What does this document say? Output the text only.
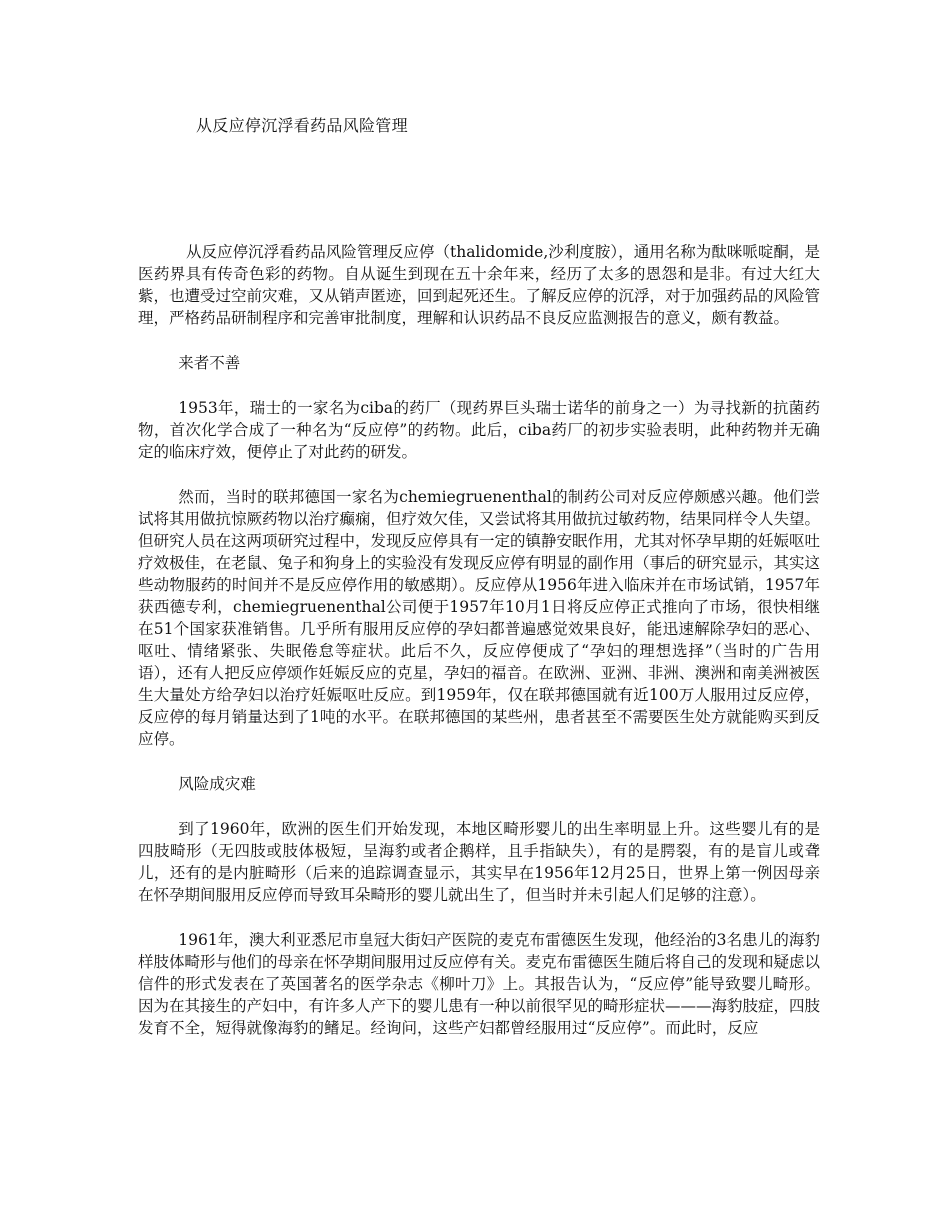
从反应停沉浮看药品风险管理

从反应停沉浮看药品风险管理反应停（thalidomide,沙利度胺），通用名称为酞咪哌啶酮，是医药界具有传奇色彩的药物。自从诞生到现在五十余年来，经历了太多的恩怨和是非。有过大红大紫，也遭受过空前灾难，又从销声匿迹，回到起死还生。了解反应停的沉浮，对于加强药品的风险管理，严格药品研制程序和完善审批制度，理解和认识药品不良反应监测报告的意义，颇有教益。

来者不善

1953年，瑞士的一家名为ciba的药厂（现药界巨头瑞士诺华的前身之一）为寻找新的抗菌药物，首次化学合成了一种名为“反应停”的药物。此后，ciba药厂的初步实验表明，此种药物并无确定的临床疗效，便停止了对此药的研发。

然而，当时的联邦德国一家名为chemiegruenenthal的制药公司对反应停颇感兴趣。他们尝试将其用做抗惊厥药物以治疗癫痫，但疗效欠佳，又尝试将其用做抗过敏药物，结果同样令人失望。但研究人员在这两项研究过程中，发现反应停具有一定的镇静安眠作用，尤其对怀孕早期的妊娠呕吐疗效极佳，在老鼠、兔子和狗身上的实验没有发现反应停有明显的副作用（事后的研究显示，其实这些动物服药的时间并不是反应停作用的敏感期）。反应停从1956年进入临床并在市场试销，1957年获西德专利，chemiegruenenthal公司便于1957年10月1日将反应停正式推向了市场，很快相继在51个国家获准销售。几乎所有服用反应停的孕妇都普遍感觉效果良好，能迅速解除孕妇的恶心、呕吐、情绪紧张、失眠倦怠等症状。此后不久，反应停便成了“孕妇的理想选择”（当时的广告用语），还有人把反应停颂作妊娠反应的克星，孕妇的福音。在欧洲、亚洲、非洲、澳洲和南美洲被医生大量处方给孕妇以治疗妊娠呕吐反应。到1959年，仅在联邦德国就有近100万人服用过反应停，反应停的每月销量达到了1吨的水平。在联邦德国的某些州，患者甚至不需要医生处方就能购买到反应停。

风险成灾难

到了1960年，欧洲的医生们开始发现，本地区畸形婴儿的出生率明显上升。这些婴儿有的是四肢畸形（无四肢或肢体极短，呈海豹或者企鹅样，且手指缺失），有的是腭裂，有的是盲儿或聋儿，还有的是内脏畸形（后来的追踪调查显示，其实早在1956年12月25日，世界上第一例因母亲在怀孕期间服用反应停而导致耳朵畸形的婴儿就出生了，但当时并未引起人们足够的注意）。

1961年，澳大利亚悉尼市皇冠大街妇产医院的麦克布雷德医生发现，他经治的3名患儿的海豹样肢体畸形与他们的母亲在怀孕期间服用过反应停有关。麦克布雷德医生随后将自己的发现和疑虑以信件的形式发表在了英国著名的医学杂志《柳叶刀》上。其报告认为，“反应停”能导致婴儿畸形。因为在其接生的产妇中，有许多人产下的婴儿患有一种以前很罕见的畸形症状———海豹肢症，四肢发育不全，短得就像海豹的鳍足。经询问，这些产妇都曾经服用过“反应停”。而此时，反应
